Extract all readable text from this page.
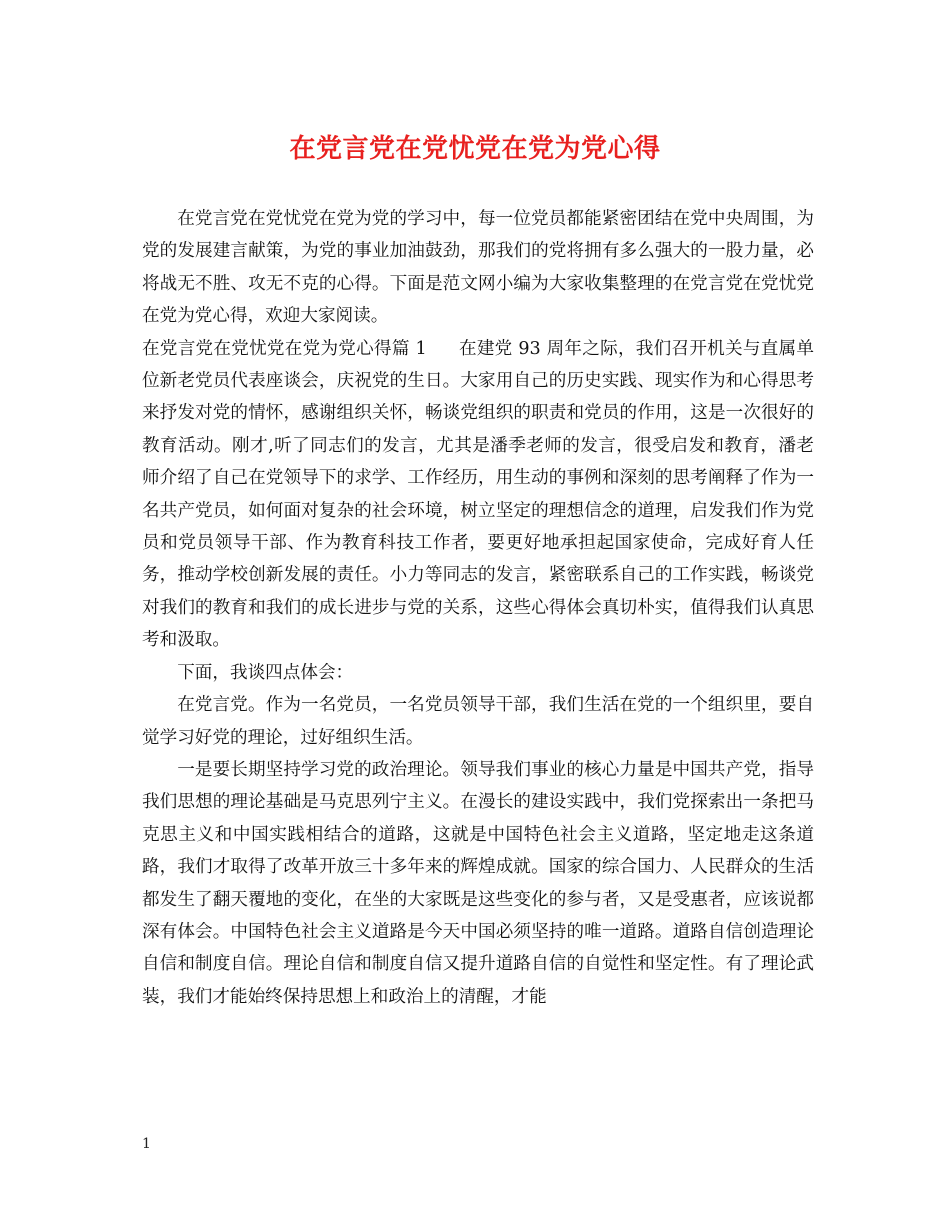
在党言党在党忧党在党为党心得

在党言党在党忧党在党为党的学习中，每一位党员都能紧密团结在党中央周围，为党的发展建言献策，为党的事业加油鼓劲，那我们的党将拥有多么强大的一股力量，必将战无不胜、攻无不克的心得。下面是范文网小编为大家收集整理的在党言党在党忧党在党为党心得，欢迎大家阅读。

在党言党在党忧党在党为党心得篇 1 在建党 93 周年之际，我们召开机关与直属单位新老党员代表座谈会，庆祝党的生日。大家用自己的历史实践、现实作为和心得思考来抒发对党的情怀，感谢组织关怀，畅谈党组织的职责和党员的作用，这是一次很好的教育活动。刚才,听了同志们的发言，尤其是潘季老师的发言，很受启发和教育，潘老师介绍了自己在党领导下的求学、工作经历，用生动的事例和深刻的思考阐释了作为一名共产党员，如何面对复杂的社会环境，树立坚定的理想信念的道理，启发我们作为党员和党员领导干部、作为教育科技工作者，要更好地承担起国家使命，完成好育人任务，推动学校创新发展的责任。小力等同志的发言，紧密联系自己的工作实践，畅谈党对我们的教育和我们的成长进步与党的关系，这些心得体会真切朴实，值得我们认真思考和汲取。

下面，我谈四点体会：

在党言党。作为一名党员，一名党员领导干部，我们生活在党的一个组织里，要自觉学习好党的理论，过好组织生活。

一是要长期坚持学习党的政治理论。领导我们事业的核心力量是中国共产党，指导我们思想的理论基础是马克思列宁主义。在漫长的建设实践中，我们党探索出一条把马克思主义和中国实践相结合的道路，这就是中国特色社会主义道路，坚定地走这条道路，我们才取得了改革开放三十多年来的辉煌成就。国家的综合国力、人民群众的生活都发生了翻天覆地的变化，在坐的大家既是这些变化的参与者，又是受惠者，应该说都深有体会。中国特色社会主义道路是今天中国必须坚持的唯一道路。道路自信创造理论自信和制度自信。理论自信和制度自信又提升道路自信的自觉性和坚定性。有了理论武装，我们才能始终保持思想上和政治上的清醒，才能

1
